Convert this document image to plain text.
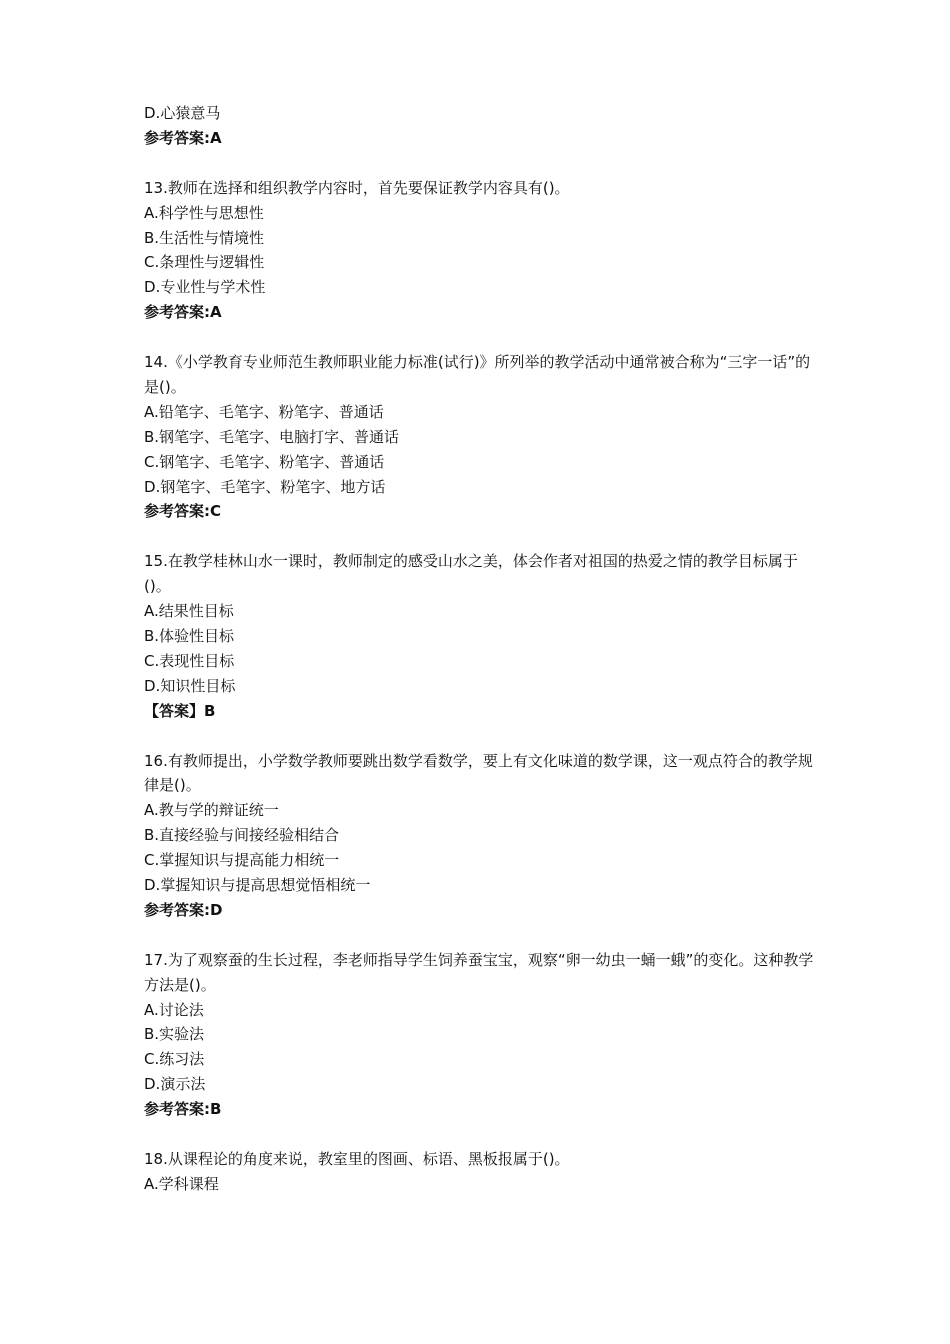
D.心猿意马
参考答案:A
13.教师在选择和组织教学内容时，首先要保证教学内容具有()。
A.科学性与思想性
B.生活性与情境性
C.条理性与逻辑性
D.专业性与学术性
参考答案:A
14.《小学教育专业师范生教师职业能力标准(试行)》所列举的教学活动中通常被合称为“三字一话”的是()。
A.铅笔字、毛笔字、粉笔字、普通话
B.钢笔字、毛笔字、电脑打字、普通话
C.钢笔字、毛笔字、粉笔字、普通话
D.钢笔字、毛笔字、粉笔字、地方话
参考答案:C
15.在教学桂林山水一课时，教师制定的感受山水之美，体会作者对祖国的热爱之情的教学目标属于()。
A.结果性目标
B.体验性目标
C.表现性目标
D.知识性目标
【答案】B
16.有教师提出，小学数学教师要跳出数学看数学，要上有文化味道的数学课，这一观点符合的教学规律是()。
A.教与学的辩证统一
B.直接经验与间接经验相结合
C.掌握知识与提高能力相统一
D.掌握知识与提高思想觉悟相统一
参考答案:D
17.为了观察蚕的生长过程，李老师指导学生饲养蚕宝宝，观察“卵一幼虫一蛹一蛾”的变化。这种教学方法是()。
A.讨论法
B.实验法
C.练习法
D.演示法
参考答案:B
18.从课程论的角度来说，教室里的图画、标语、黑板报属于()。
A.学科课程
